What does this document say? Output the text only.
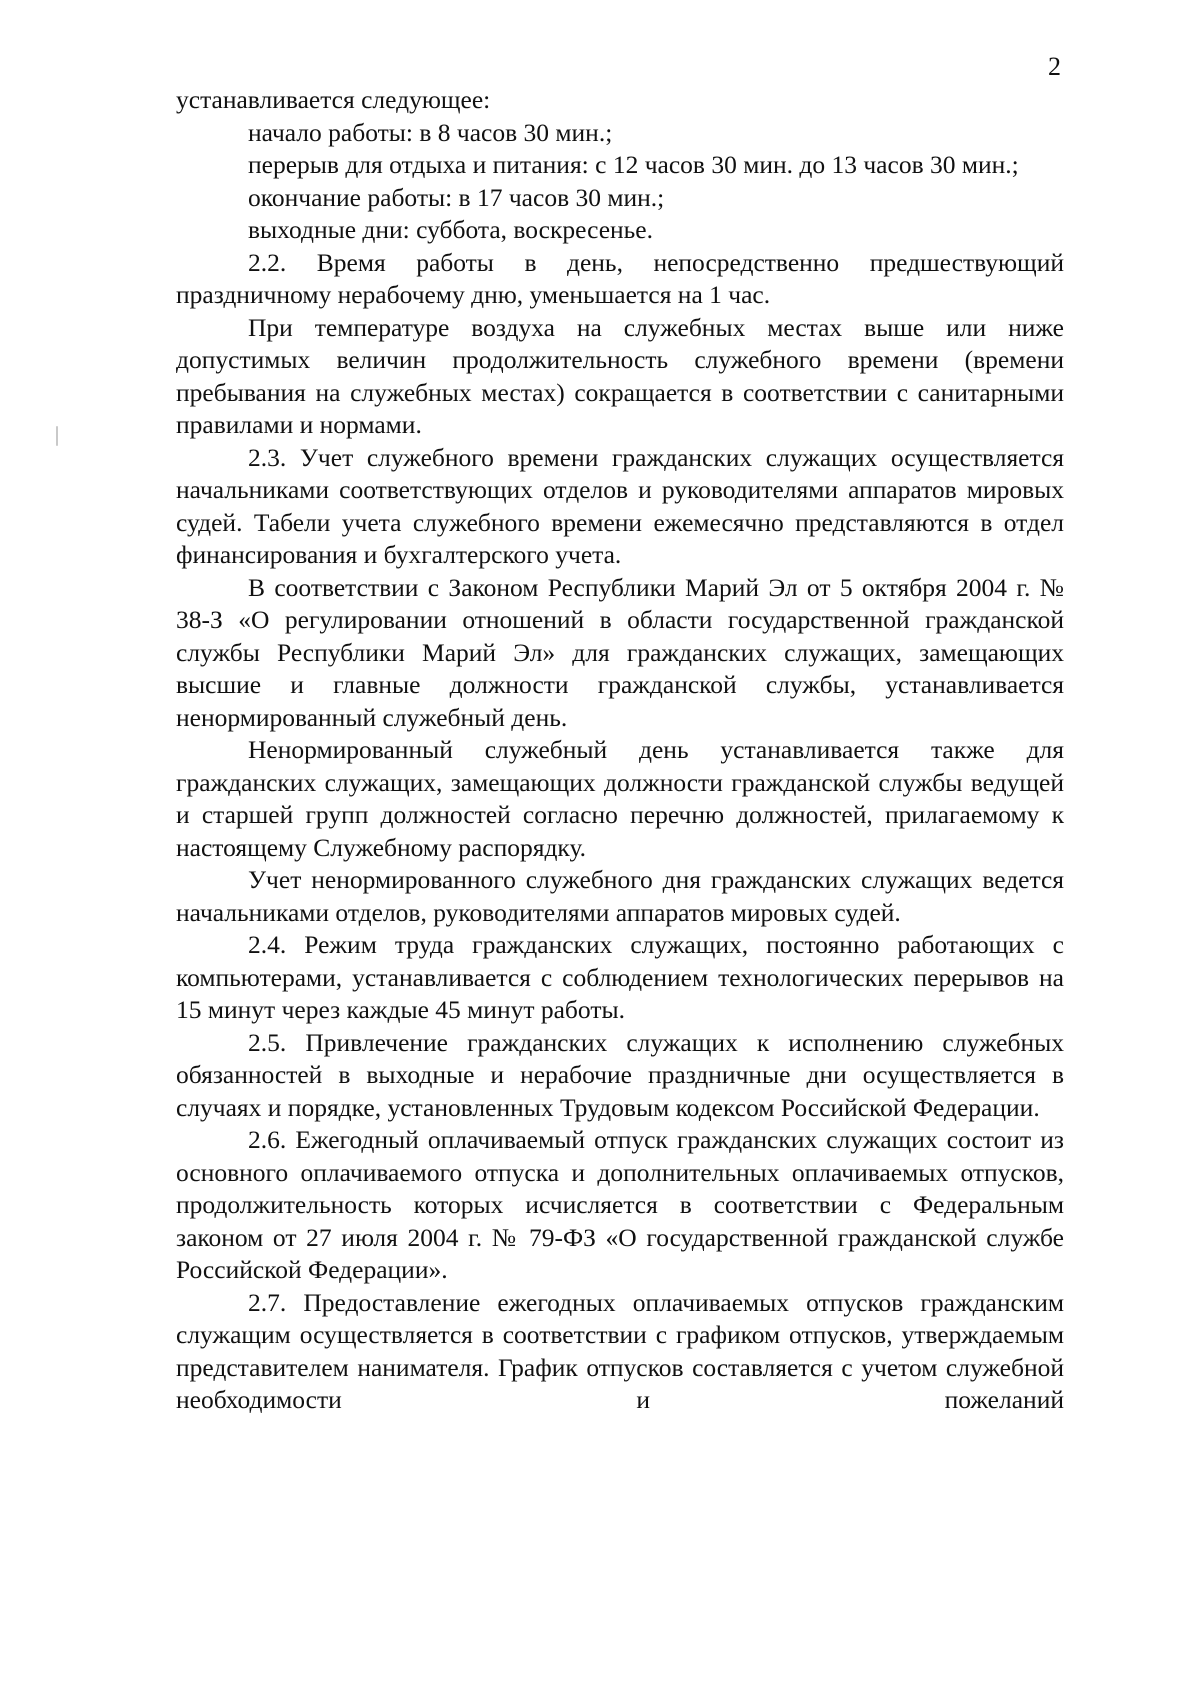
2

устанавливается следующее:

начало работы: в 8 часов 30 мин.;

перерыв для отдыха и питания: с 12 часов 30 мин. до 13 часов 30 мин.;

окончание работы: в 17 часов 30 мин.;

выходные дни: суббота, воскресенье.

2.2. Время работы в день, непосредственно предшествующий праздничному нерабочему дню, уменьшается на 1 час.

При температуре воздуха на служебных местах выше или ниже допустимых величин продолжительность служебного времени (времени пребывания на служебных местах) сокращается в соответствии с санитарными правилами и нормами.

2.3. Учет служебного времени гражданских служащих осуществляется начальниками соответствующих отделов и руководителями аппаратов мировых судей. Табели учета служебного времени ежемесячно представляются в отдел финансирования и бухгалтерского учета.

В соответствии с Законом Республики Марий Эл от 5 октября 2004 г. № 38-З «О регулировании отношений в области государственной гражданской службы Республики Марий Эл» для гражданских служащих, замещающих высшие и главные должности гражданской службы, устанавливается ненормированный служебный день.

Ненормированный служебный день устанавливается также для гражданских служащих, замещающих должности гражданской службы ведущей и старшей групп должностей согласно перечню должностей, прилагаемому к настоящему Служебному распорядку.

Учет ненормированного служебного дня гражданских служащих ведется начальниками отделов, руководителями аппаратов мировых судей.

2.4. Режим труда гражданских служащих, постоянно работающих с компьютерами, устанавливается с соблюдением технологических перерывов на 15 минут через каждые 45 минут работы.

2.5. Привлечение гражданских служащих к исполнению служебных обязанностей в выходные и нерабочие праздничные дни осуществляется в случаях и порядке, установленных Трудовым кодексом Российской Федерации.

2.6. Ежегодный оплачиваемый отпуск гражданских служащих состоит из основного оплачиваемого отпуска и дополнительных оплачиваемых отпусков, продолжительность которых исчисляется в соответствии с Федеральным законом от 27 июля 2004 г. № 79-ФЗ «О государственной гражданской службе Российской Федерации».

2.7. Предоставление ежегодных оплачиваемых отпусков гражданским служащим осуществляется в соответствии с графиком отпусков, утверждаемым представителем нанимателя. График отпусков составляется с учетом служебной необходимости и пожеланий
